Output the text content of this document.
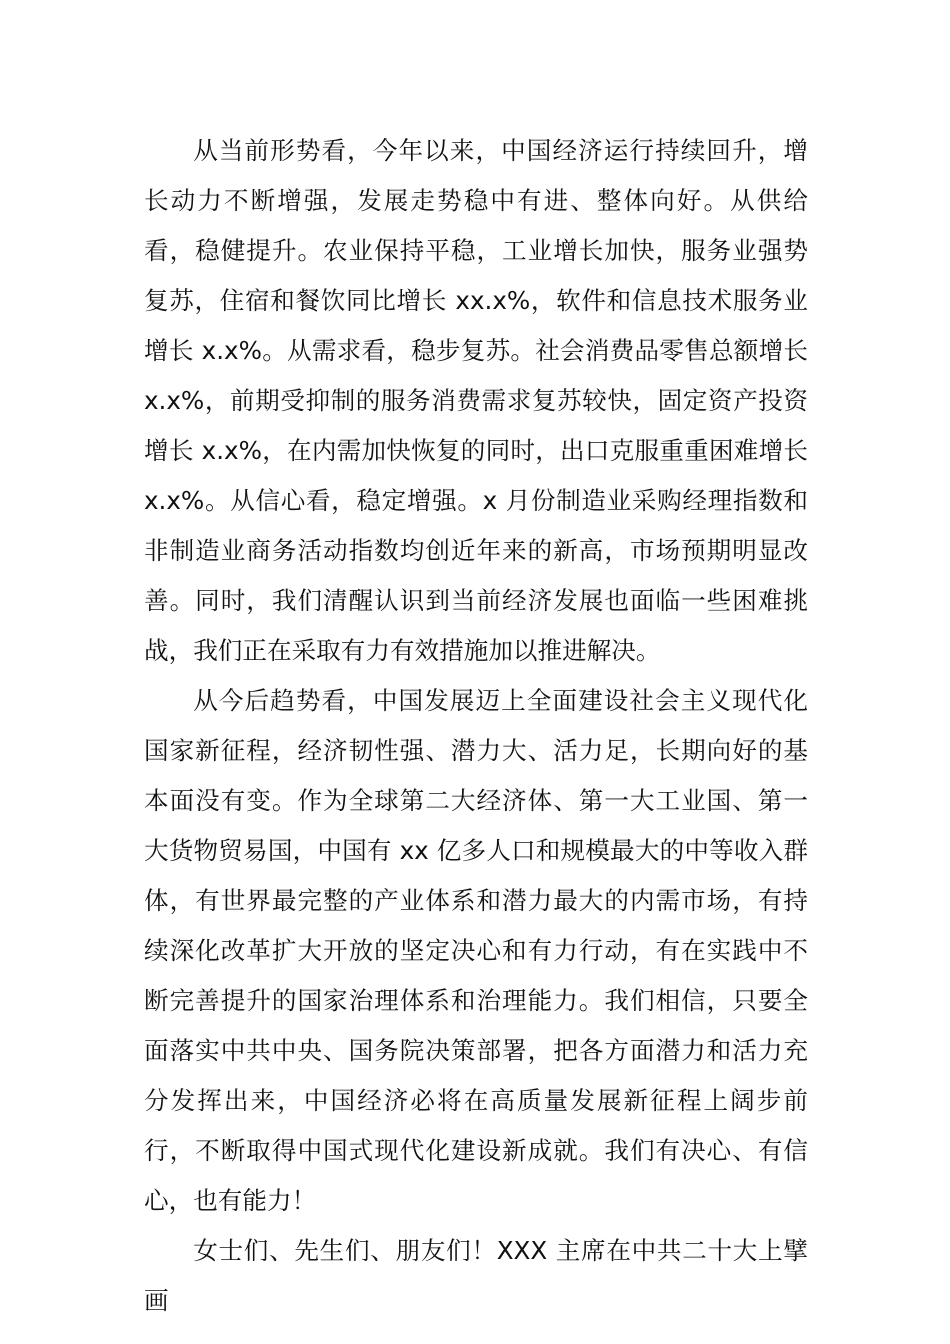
从当前形势看，今年以来，中国经济运行持续回升，增长动力不断增强，发展走势稳中有进、整体向好。从供给看，稳健提升。农业保持平稳，工业增长加快，服务业强势复苏，住宿和餐饮同比增长 xx.x%，软件和信息技术服务业增长 x.x%。从需求看，稳步复苏。社会消费品零售总额增长 x.x%，前期受抑制的服务消费需求复苏较快，固定资产投资增长 x.x%，在内需加快恢复的同时，出口克服重重困难增长 x.x%。从信心看，稳定增强。x 月份制造业采购经理指数和非制造业商务活动指数均创近年来的新高，市场预期明显改善。同时，我们清醒认识到当前经济发展也面临一些困难挑战，我们正在采取有力有效措施加以推进解决。

从今后趋势看，中国发展迈上全面建设社会主义现代化国家新征程，经济韧性强、潜力大、活力足，长期向好的基本面没有变。作为全球第二大经济体、第一大工业国、第一大货物贸易国，中国有 xx 亿多人口和规模最大的中等收入群体，有世界最完整的产业体系和潜力最大的内需市场，有持续深化改革扩大开放的坚定决心和有力行动，有在实践中不断完善提升的国家治理体系和治理能力。我们相信，只要全面落实中共中央、国务院决策部署，把各方面潜力和活力充分发挥出来，中国经济必将在高质量发展新征程上阔步前行，不断取得中国式现代化建设新成就。我们有决心、有信心，也有能力！

女士们、先生们、朋友们！XXX 主席在中共二十大上擘画
